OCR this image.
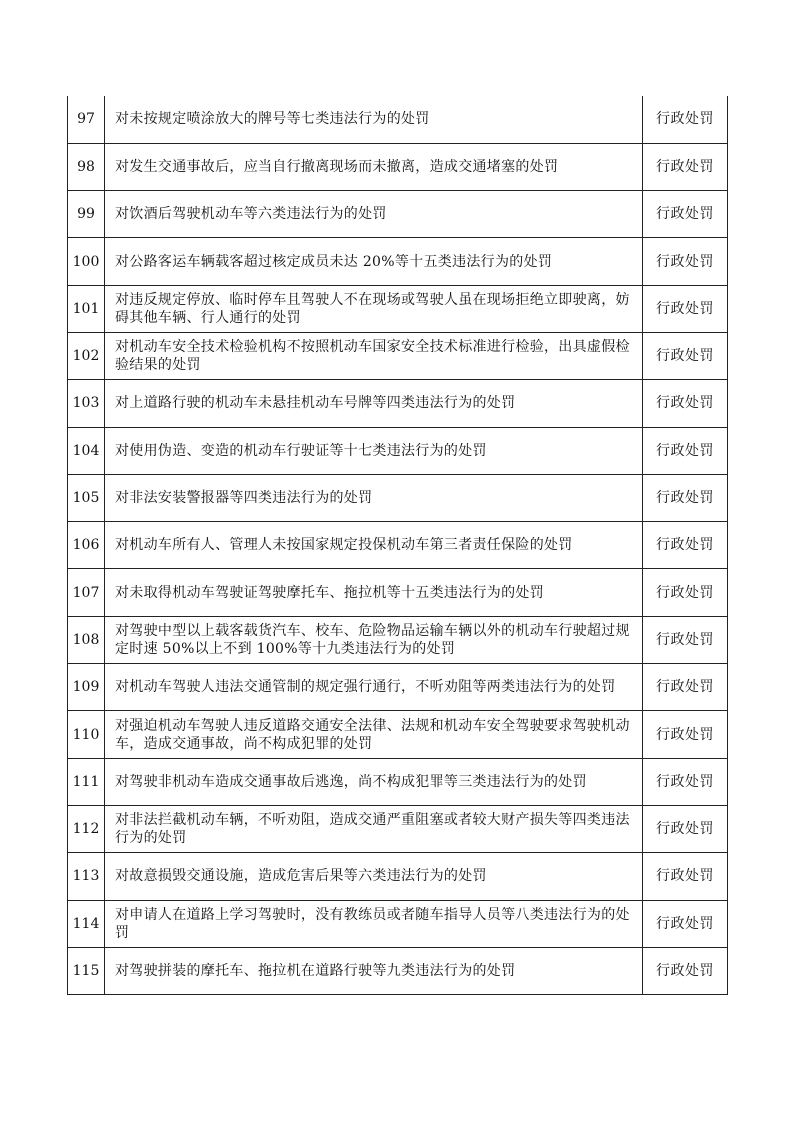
97	对未按规定喷涂放大的牌号等七类违法行为的处罚	行政处罚
98	对发生交通事故后，应当自行撤离现场而未撤离，造成交通堵塞的处罚	行政处罚
99	对饮酒后驾驶机动车等六类违法行为的处罚	行政处罚
100	对公路客运车辆载客超过核定成员未达 20%等十五类违法行为的处罚	行政处罚
101	对违反规定停放、临时停车且驾驶人不在现场或驾驶人虽在现场拒绝立即驶离，妨碍其他车辆、行人通行的处罚	行政处罚
102	对机动车安全技术检验机构不按照机动车国家安全技术标准进行检验，出具虚假检验结果的处罚	行政处罚
103	对上道路行驶的机动车未悬挂机动车号牌等四类违法行为的处罚	行政处罚
104	对使用伪造、变造的机动车行驶证等十七类违法行为的处罚	行政处罚
105	对非法安装警报器等四类违法行为的处罚	行政处罚
106	对机动车所有人、管理人未按国家规定投保机动车第三者责任保险的处罚	行政处罚
107	对未取得机动车驾驶证驾驶摩托车、拖拉机等十五类违法行为的处罚	行政处罚
108	对驾驶中型以上载客载货汽车、校车、危险物品运输车辆以外的机动车行驶超过规定时速 50%以上不到 100%等十九类违法行为的处罚	行政处罚
109	对机动车驾驶人违法交通管制的规定强行通行，不听劝阻等两类违法行为的处罚	行政处罚
110	对强迫机动车驾驶人违反道路交通安全法律、法规和机动车安全驾驶要求驾驶机动车，造成交通事故，尚不构成犯罪的处罚	行政处罚
111	对驾驶非机动车造成交通事故后逃逸，尚不构成犯罪等三类违法行为的处罚	行政处罚
112	对非法拦截机动车辆，不听劝阻，造成交通严重阻塞或者较大财产损失等四类违法行为的处罚	行政处罚
113	对故意损毁交通设施，造成危害后果等六类违法行为的处罚	行政处罚
114	对申请人在道路上学习驾驶时，没有教练员或者随车指导人员等八类违法行为的处罚	行政处罚
115	对驾驶拼装的摩托车、拖拉机在道路行驶等九类违法行为的处罚	行政处罚
